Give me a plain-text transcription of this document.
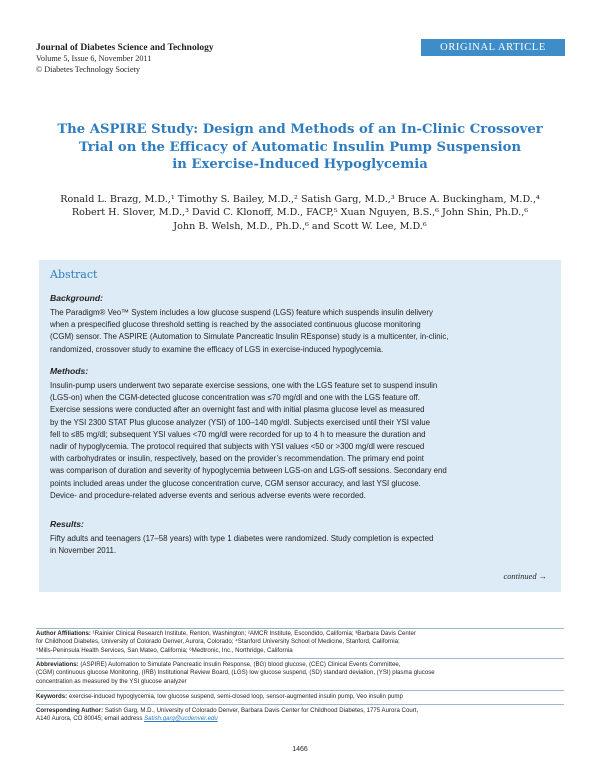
Journal of Diabetes Science and Technology
Volume 5, Issue 6, November 2011
© Diabetes Technology Society
ORIGINAL ARTICLE
The ASPIRE Study: Design and Methods of an In-Clinic Crossover
Trial on the Efficacy of Automatic Insulin Pump Suspension
in Exercise-Induced Hypoglycemia
Ronald L. Brazg, M.D.,¹ Timothy S. Bailey, M.D.,² Satish Garg, M.D.,³ Bruce A. Buckingham, M.D.,⁴
Robert H. Slover, M.D.,³ David C. Klonoff, M.D., FACP,⁵ Xuan Nguyen, B.S.,⁶ John Shin, Ph.D.,⁶
John B. Welsh, M.D., Ph.D.,⁶ and Scott W. Lee, M.D.⁶
Abstract
Background:
The Paradigm® Veo™ System includes a low glucose suspend (LGS) feature which suspends insulin delivery
when a prespecified glucose threshold setting is reached by the associated continuous glucose monitoring
(CGM) sensor. The ASPIRE (Automation to Simulate Pancreatic Insulin REsponse) study is a multicenter, in-clinic,
randomized, crossover study to examine the efficacy of LGS in exercise-induced hypoglycemia.
Methods:
Insulin-pump users underwent two separate exercise sessions, one with the LGS feature set to suspend insulin
(LGS-on) when the CGM-detected glucose concentration was ≤70 mg/dl and one with the LGS feature off.
Exercise sessions were conducted after an overnight fast and with initial plasma glucose level as measured
by the YSI 2300 STAT Plus glucose analyzer (YSI) of 100–140 mg/dl. Subjects exercised until their YSI value
fell to ≤85 mg/dl; subsequent YSI values <70 mg/dl were recorded for up to 4 h to measure the duration and
nadir of hypoglycemia. The protocol required that subjects with YSI values <50 or >300 mg/dl were rescued
with carbohydrates or insulin, respectively, based on the provider’s recommendation. The primary end point
was comparison of duration and severity of hypoglycemia between LGS-on and LGS-off sessions. Secondary end
points included areas under the glucose concentration curve, CGM sensor accuracy, and last YSI glucose.
Device- and procedure-related adverse events and serious adverse events were recorded.
Results:
Fifty adults and teenagers (17–58 years) with type 1 diabetes were randomized. Study completion is expected
in November 2011.
continued →
Author Affiliations: ¹Rainier Clinical Research Institute, Renton, Washington; ²AMCR Institute, Escondido, California; ³Barbara Davis Center
for Childhood Diabetes, University of Colorado Denver, Aurora, Colorado; ⁴Stanford University School of Medicine, Stanford, California;
⁵Mills-Peninsula Health Services, San Mateo, California; ⁶Medtronic, Inc., Northridge, California
Abbreviations: (ASPIRE) Automation to Simulate Pancreatic Insulin Response, (BG) blood glucose, (CEC) Clinical Events Committee,
(CGM) continuous glucose Monitoring, (IRB) Institutional Review Board, (LGS) low glucose suspend, (SD) standard deviation, (YSI) plasma glucose
concentration as measured by the YSI glucose analyzer
Keywords: exercise-induced hypoglycemia, low glucose suspend, semi-closed loop, sensor-augmented insulin pump, Veo insulin pump
Corresponding Author: Satish Garg, M.D., University of Colorado Denver, Barbara Davis Center for Childhood Diabetes, 1775 Aurora Court,
A140 Aurora, CO 80045; email address Satish.garg@ucdenver.edu
1466
